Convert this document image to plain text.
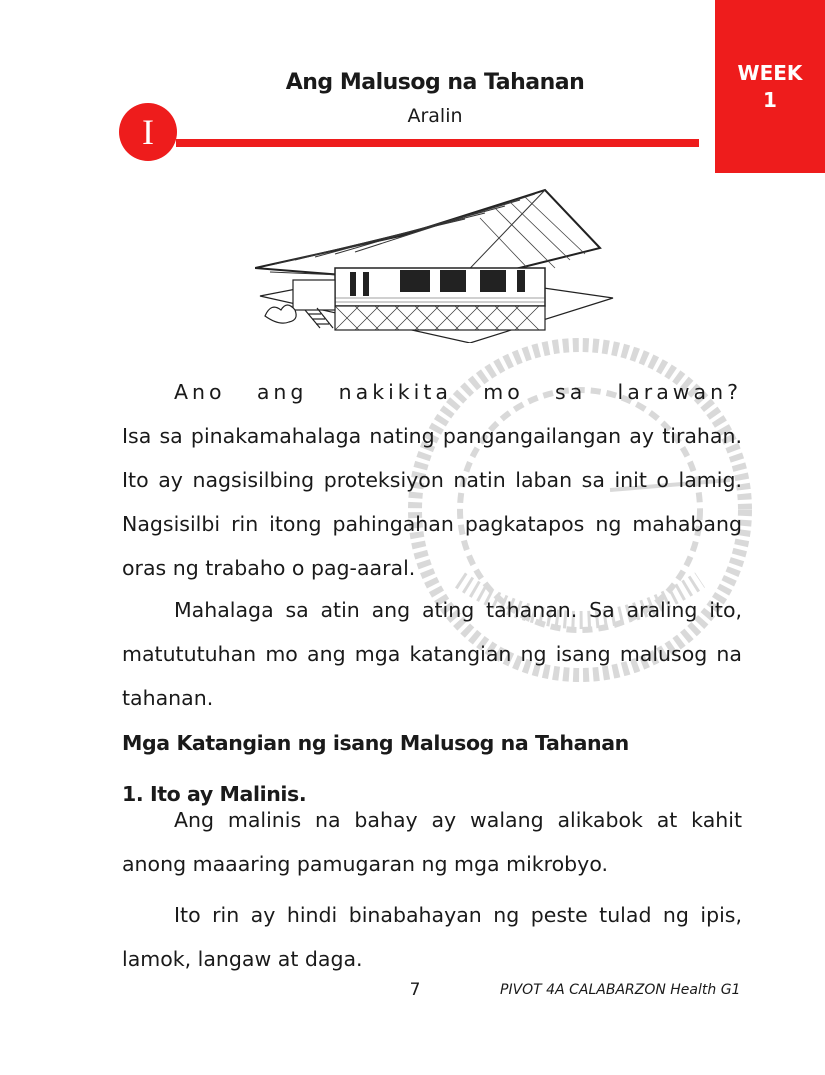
WEEK
1
Ang Malusog na Tahanan
Aralin
I
Ano ang nakikita mo sa larawan?
Isa sa pinakamahalaga nating pangangailangan ay tirahan. Ito ay nagsisilbing proteksiyon natin laban sa init o lamig. Nagsisilbi rin itong pahingahan pagkatapos ng mahabang oras ng trabaho o pag-aaral.
Mahalaga sa atin ang ating tahanan. Sa araling ito, matututuhan mo ang mga katangian ng isang malusog na tahanan.
Mga Katangian ng isang Malusog na Tahanan
1. Ito ay Malinis.
Ang malinis na bahay ay walang alikabok at kahit anong maaaring pamugaran ng mga mikrobyo.
Ito rin ay hindi binabahayan ng peste tulad ng ipis, lamok, langaw at daga.
7	PIVOT 4A CALABARZON Health G1
